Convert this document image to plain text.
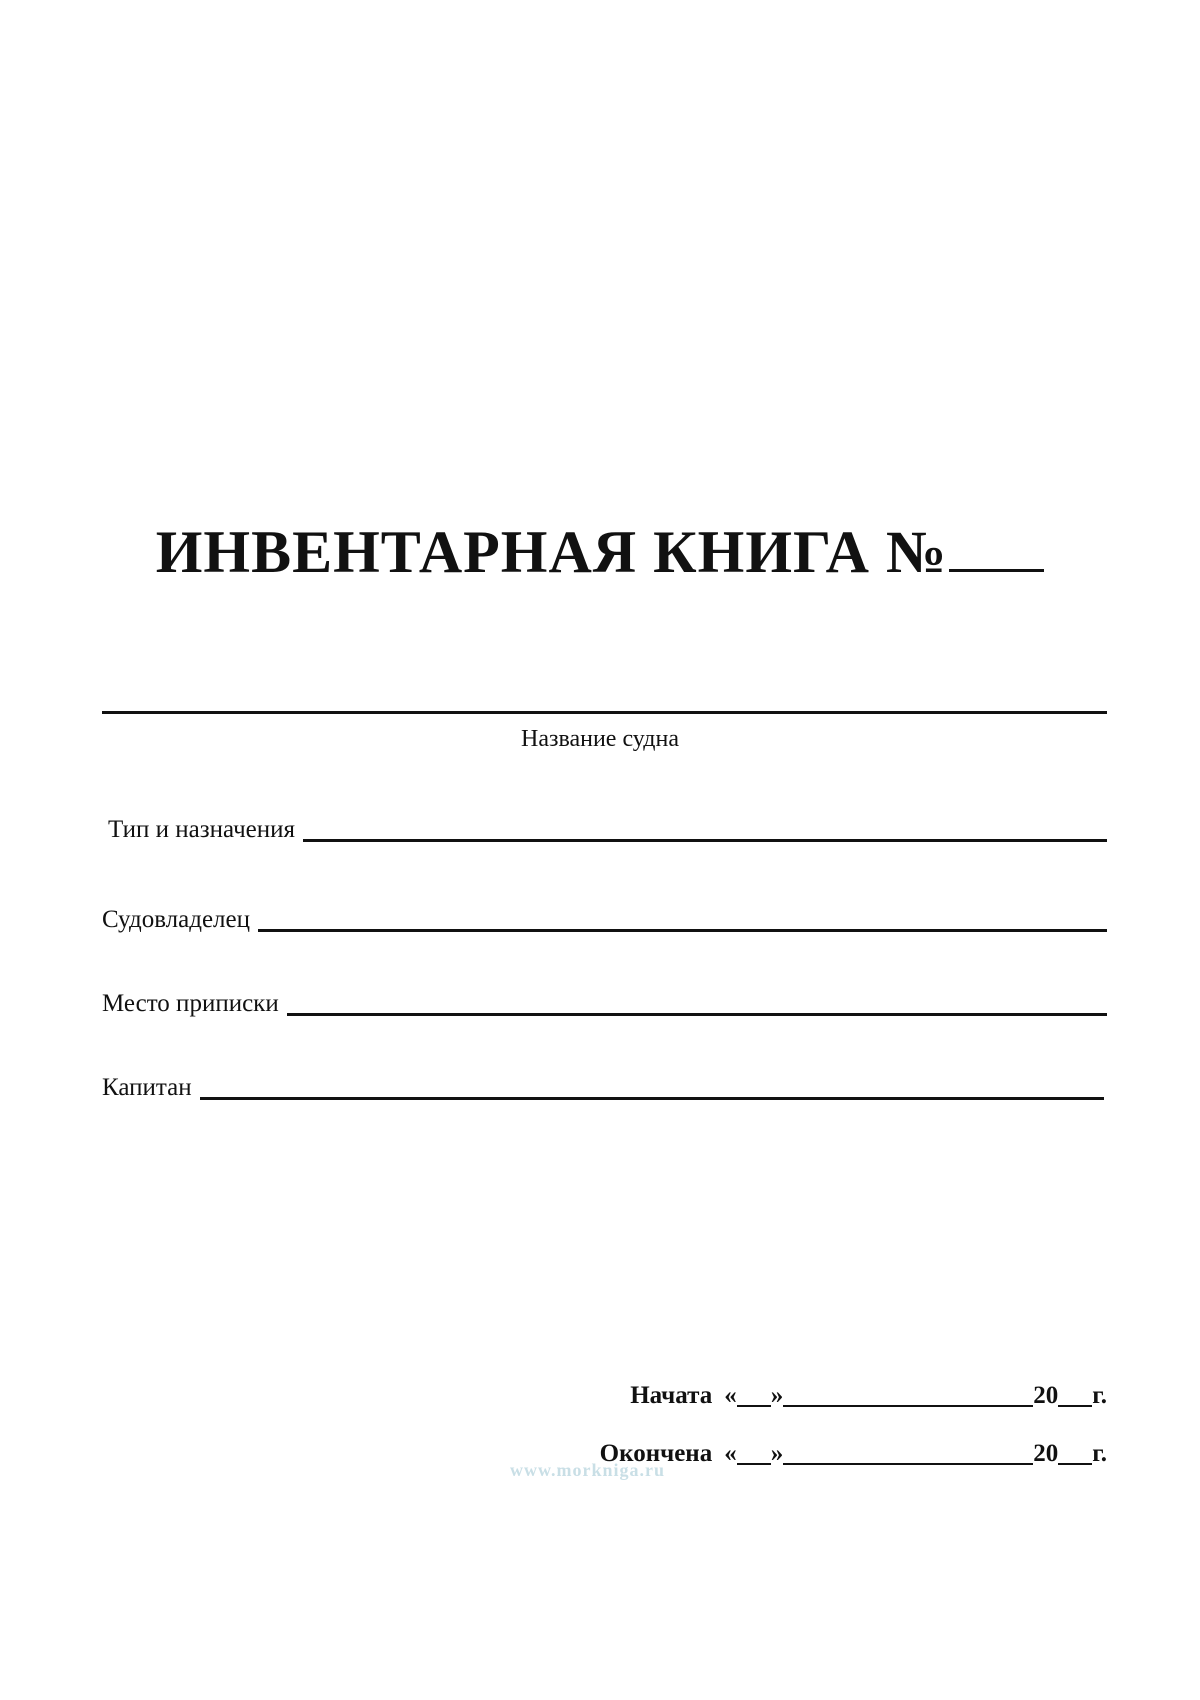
ИНВЕНТАРНАЯ КНИГА №
Название судна
Тип и назначения
Судовладелец
Место приписки
Капитан
Начата « »	20 г.
Окончена « »	20 г.
www.morkniga.ru
